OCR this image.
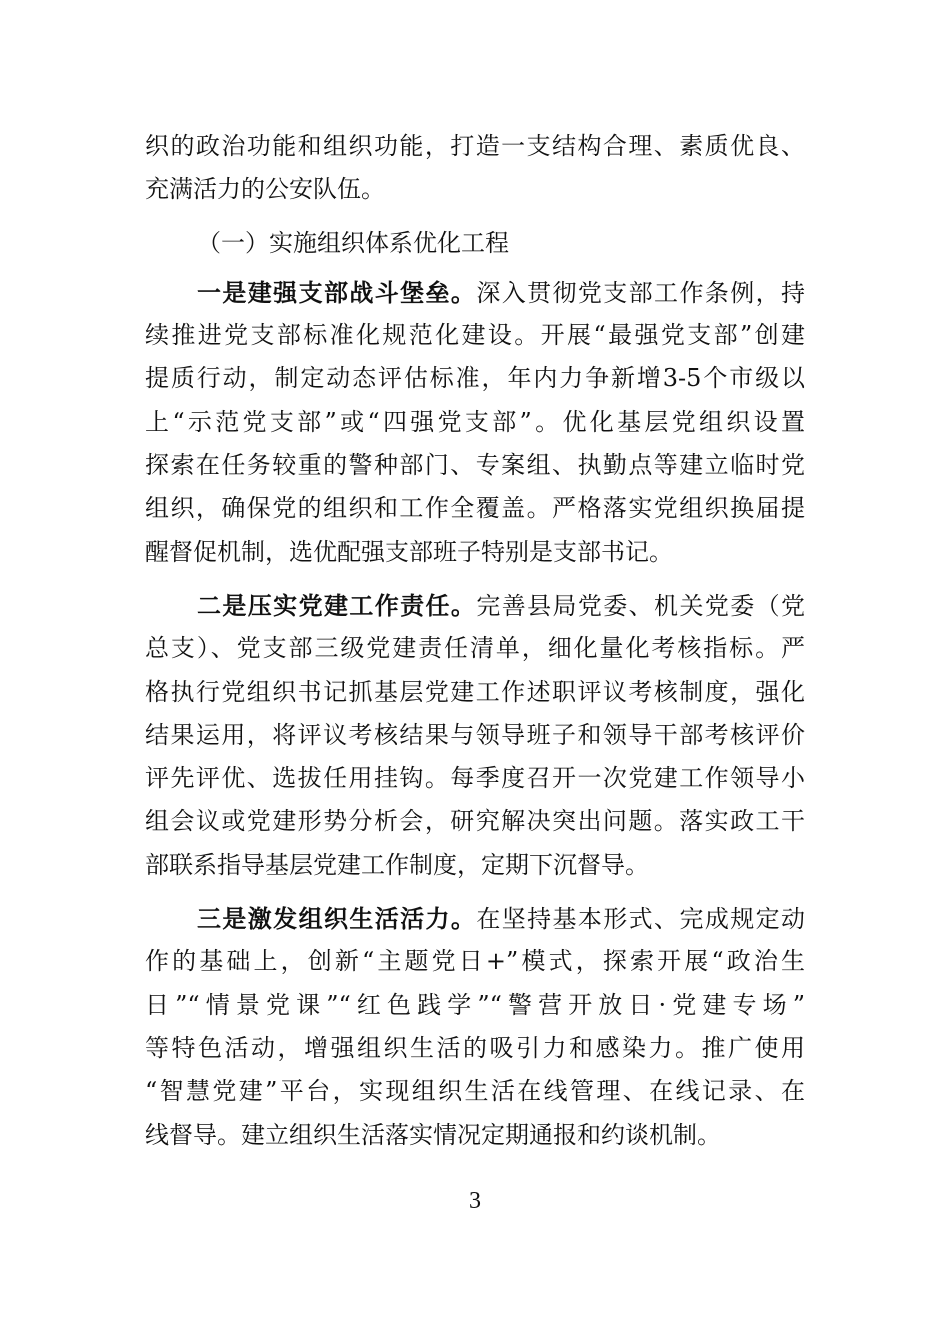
织的政治功能和组织功能，打造一支结构合理、素质优良、
充满活力的公安队伍。
（一）实施组织体系优化工程
一是建强支部战斗堡垒。深入贯彻党支部工作条例，持
续推进党支部标准化规范化建设。开展“最强党支部”创建
提质行动，制定动态评估标准，年内力争新增3-5个市级以
上“示范党支部”或“四强党支部”。优化基层党组织设置
探索在任务较重的警种部门、专案组、执勤点等建立临时党
组织，确保党的组织和工作全覆盖。严格落实党组织换届提
醒督促机制，选优配强支部班子特别是支部书记。
二是压实党建工作责任。完善县局党委、机关党委（党
总支）、党支部三级党建责任清单，细化量化考核指标。严
格执行党组织书记抓基层党建工作述职评议考核制度，强化
结果运用，将评议考核结果与领导班子和领导干部考核评价
评先评优、选拔任用挂钩。每季度召开一次党建工作领导小
组会议或党建形势分析会，研究解决突出问题。落实政工干
部联系指导基层党建工作制度，定期下沉督导。
三是激发组织生活活力。在坚持基本形式、完成规定动
作的基础上，创新“主题党日+”模式，探索开展“政治生
日”“情景党课”“红色践学”“警营开放日·党建专场”
等特色活动，增强组织生活的吸引力和感染力。推广使用
“智慧党建”平台，实现组织生活在线管理、在线记录、在
线督导。建立组织生活落实情况定期通报和约谈机制。
3
